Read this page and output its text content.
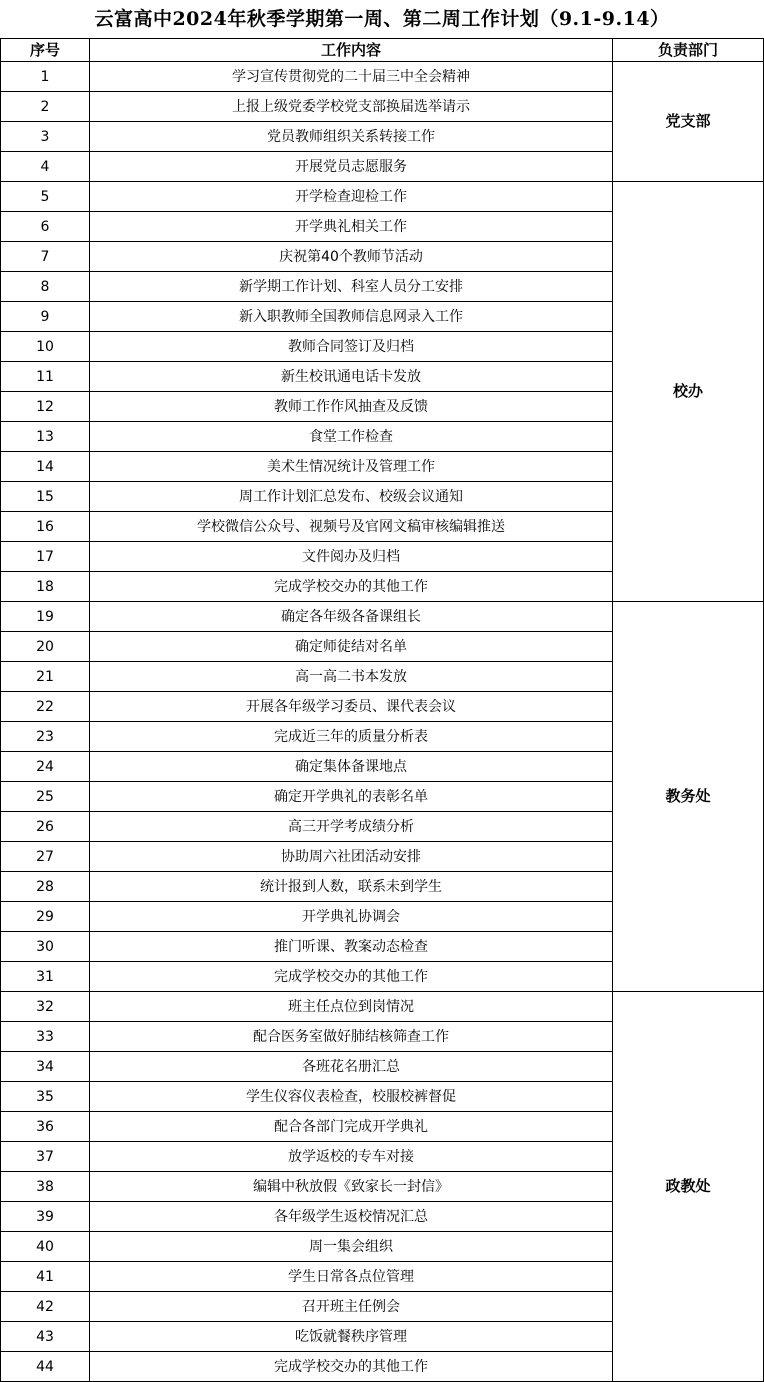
云富高中2024年秋季学期第一周、第二周工作计划（9.1-9.14）
序号	工作内容	负责部门
1	学习宣传贯彻党的二十届三中全会精神	党支部
2	上报上级党委学校党支部换届选举请示	
3	党员教师组织关系转接工作	
4	开展党员志愿服务	
5	开学检查迎检工作	校办
6	开学典礼相关工作	
7	庆祝第40个教师节活动	
8	新学期工作计划、科室人员分工安排	
9	新入职教师全国教师信息网录入工作	
10	教师合同签订及归档	
11	新生校讯通电话卡发放	
12	教师工作作风抽查及反馈	
13	食堂工作检查	
14	美术生情况统计及管理工作	
15	周工作计划汇总发布、校级会议通知	
16	学校微信公众号、视频号及官网文稿审核编辑推送	
17	文件阅办及归档	
18	完成学校交办的其他工作	
19	确定各年级各备课组长	教务处
20	确定师徒结对名单	
21	高一高二书本发放	
22	开展各年级学习委员、课代表会议	
23	完成近三年的质量分析表	
24	确定集体备课地点	
25	确定开学典礼的表彰名单	
26	高三开学考成绩分析	
27	协助周六社团活动安排	
28	统计报到人数，联系未到学生	
29	开学典礼协调会	
30	推门听课、教案动态检查	
31	完成学校交办的其他工作	
32	班主任点位到岗情况	政教处
33	配合医务室做好肺结核筛查工作	
34	各班花名册汇总	
35	学生仪容仪表检查，校服校裤督促	
36	配合各部门完成开学典礼	
37	放学返校的专车对接	
38	编辑中秋放假《致家长一封信》	
39	各年级学生返校情况汇总	
40	周一集会组织	
41	学生日常各点位管理	
42	召开班主任例会	
43	吃饭就餐秩序管理	
44	完成学校交办的其他工作	
